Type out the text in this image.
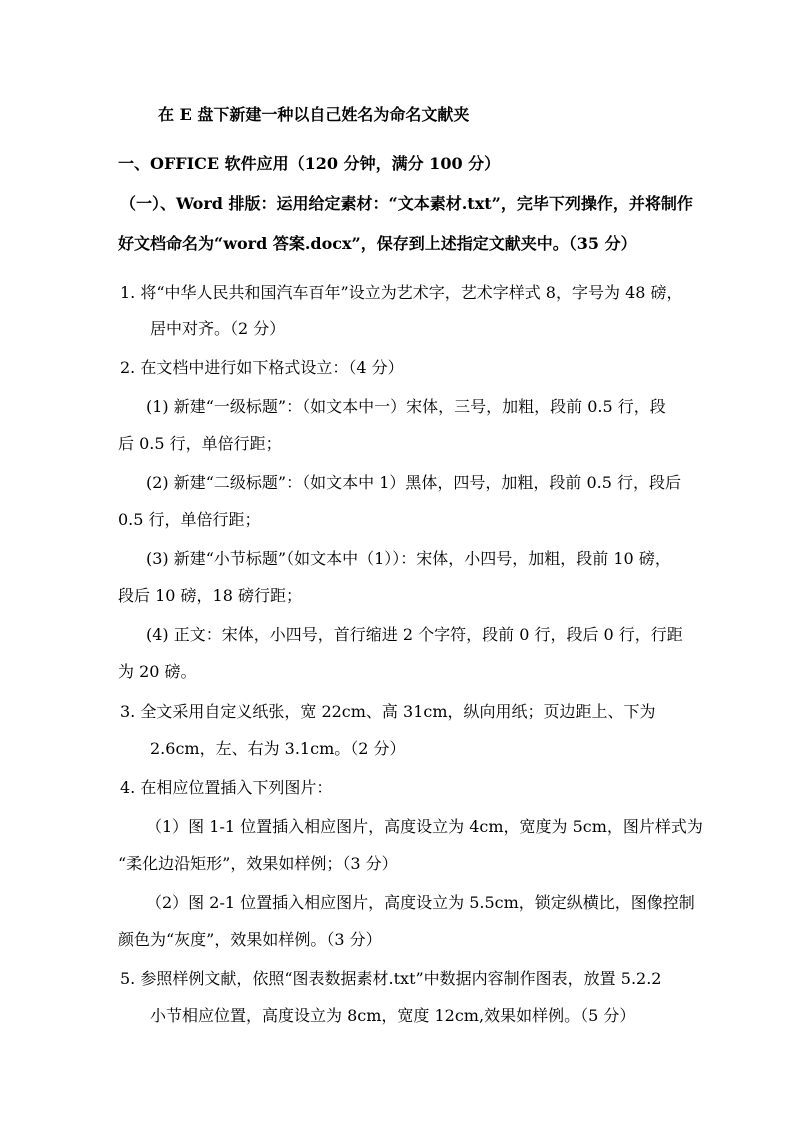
在 E 盘下新建一种以自己姓名为命名文献夹
一、OFFICE 软件应用（120 分钟，满分 100 分）
（一）、Word 排版：运用给定素材：“文本素材.txt”，完毕下列操作，并将制作
好文档命名为“word 答案.docx”，保存到上述指定文献夹中。（35 分）
1. 将“中华人民共和国汽车百年”设立为艺术字，艺术字样式 8，字号为 48 磅，
居中对齐。（2 分）
2. 在文档中进行如下格式设立：（4 分）
(1) 新建“一级标题”：（如文本中一）宋体，三号，加粗，段前 0.5 行，段
后 0.5 行，单倍行距；
(2) 新建“二级标题”：（如文本中 1）黑体，四号，加粗，段前 0.5 行，段后
0.5 行，单倍行距；
(3) 新建“小节标题”（如文本中（1））：宋体，小四号，加粗，段前 10 磅，
段后 10 磅，18 磅行距；
(4) 正文：宋体，小四号，首行缩进 2 个字符，段前 0 行，段后 0 行，行距
为 20 磅。
3. 全文采用自定义纸张，宽 22cm、高 31cm，纵向用纸；页边距上、下为
2.6cm，左、右为 3.1cm。（2 分）
4. 在相应位置插入下列图片：
（1）图 1-1 位置插入相应图片，高度设立为 4cm，宽度为 5cm，图片样式为
“柔化边沿矩形”，效果如样例；（3 分）
（2）图 2-1 位置插入相应图片，高度设立为 5.5cm，锁定纵横比，图像控制
颜色为“灰度”，效果如样例。（3 分）
5. 参照样例文献，依照“图表数据素材.txt”中数据内容制作图表，放置 5.2.2
小节相应位置，高度设立为 8cm，宽度 12cm,效果如样例。（5 分）
